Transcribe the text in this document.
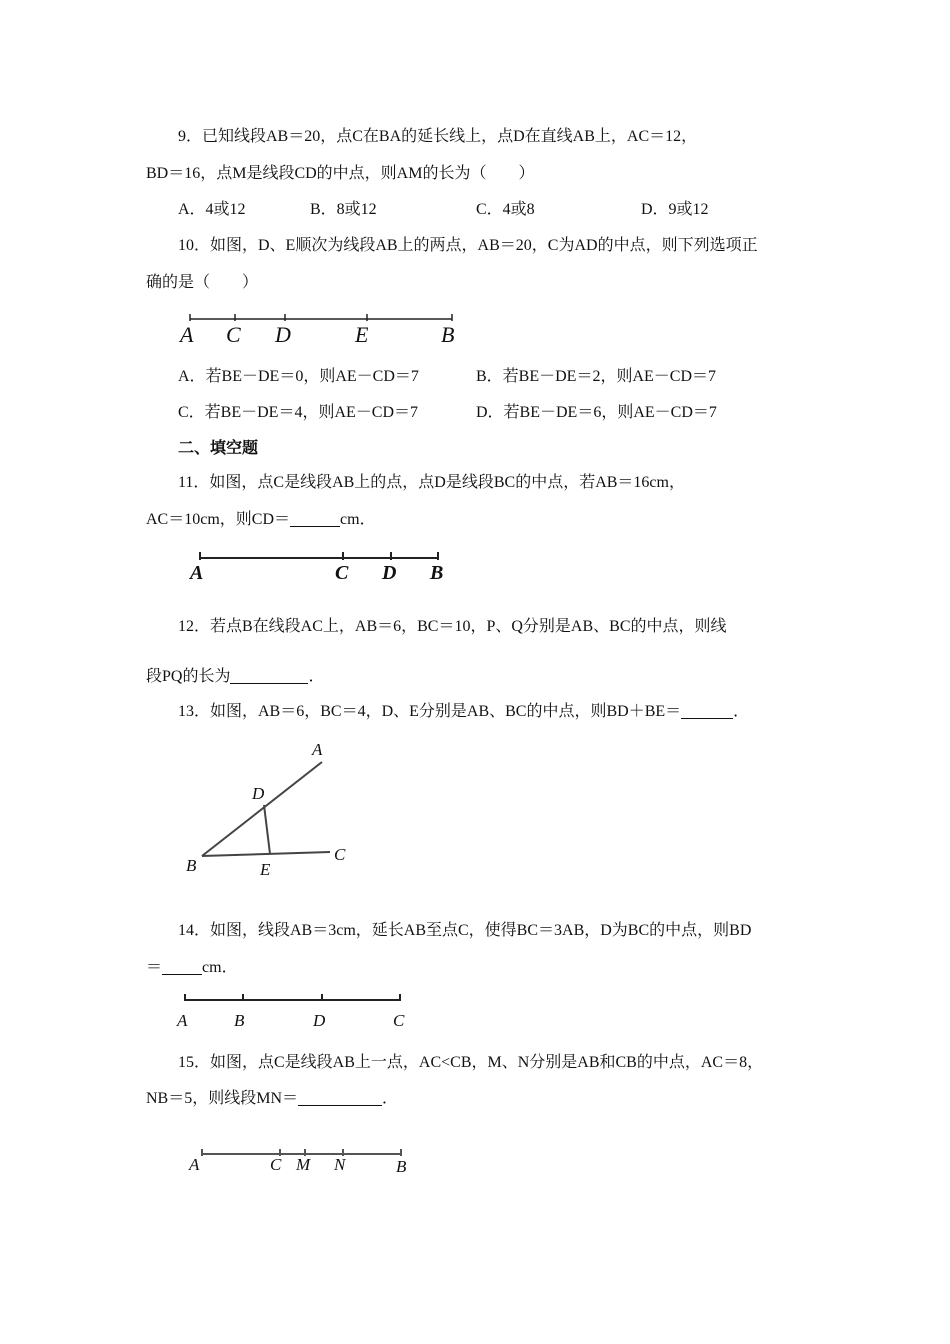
9．已知线段AB＝20，点C在BA的延长线上，点D在直线AB上，AC＝12，
BD＝16，点M是线段CD的中点，则AM的长为（　　）
A．4或12	B．8或12	C．4或8	D．9或12
10．如图，D、E顺次为线段AB上的两点，AB＝20，C为AD的中点，则下列选项正
确的是（　　）
A C D	E	B
A．若BE－DE＝0，则AE－CD＝7	B．若BE－DE＝2，则AE－CD＝7
C．若BE－DE＝4，则AE－CD＝7	D．若BE－DE＝6，则AE－CD＝7
二、填空题
11．如图，点C是线段AB上的点，点D是线段BC的中点，若AB＝16cm，
AC＝10cm，则CD＝	cm．
A	C D B
12．若点B在线段AC上，AB＝6，BC＝10，P、Q分别是AB、BC的中点，则线
段PQ的长为	．
13．如图，AB＝6，BC＝4，D、E分别是AB、BC的中点，则BD＋BE＝	．
A
D
B	E
C
14．如图，线段AB＝3cm，延长AB至点C，使得BC＝3AB，D为BC的中点，则BD
＝	cm．
A	B	D	C
15．如图，点C是线段AB上一点，AC<CB，M、N分别是AB和CB的中点，AC＝8，
NB＝5，则线段MN＝	．
A	C M N	B
